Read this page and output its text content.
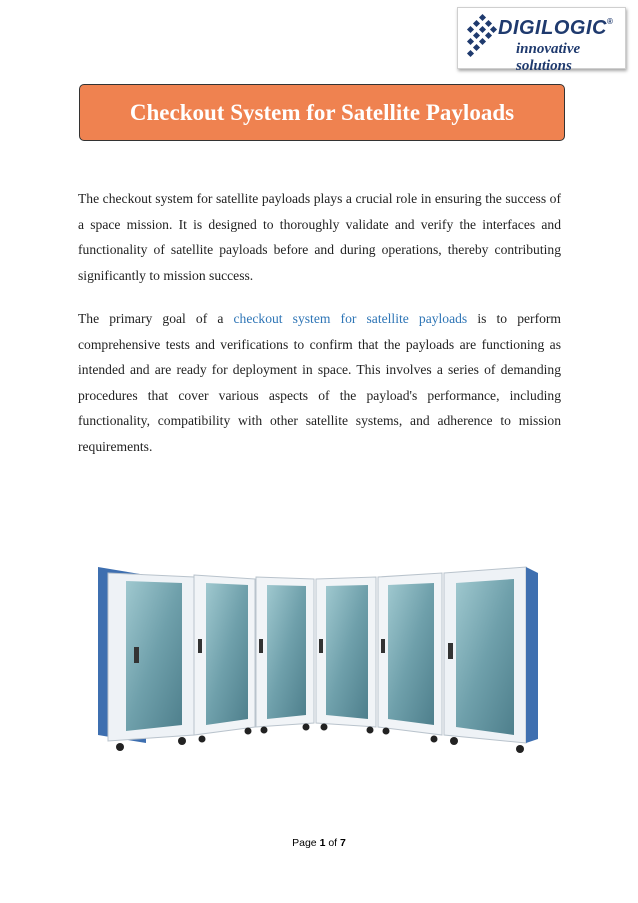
DIGILOGIC®
innovative solutions
Checkout System for Satellite Payloads

The checkout system for satellite payloads plays a crucial role in ensuring the success of a space mission. It is designed to thoroughly validate and verify the interfaces and functionality of satellite payloads before and during operations, thereby contributing significantly to mission success.

The primary goal of a checkout system for satellite payloads is to perform comprehensive tests and verifications to confirm that the payloads are functioning as intended and are ready for deployment in space. This involves a series of demanding procedures that cover various aspects of the payload's performance, including functionality, compatibility with other satellite systems, and adherence to mission requirements.

Page 1 of 7
